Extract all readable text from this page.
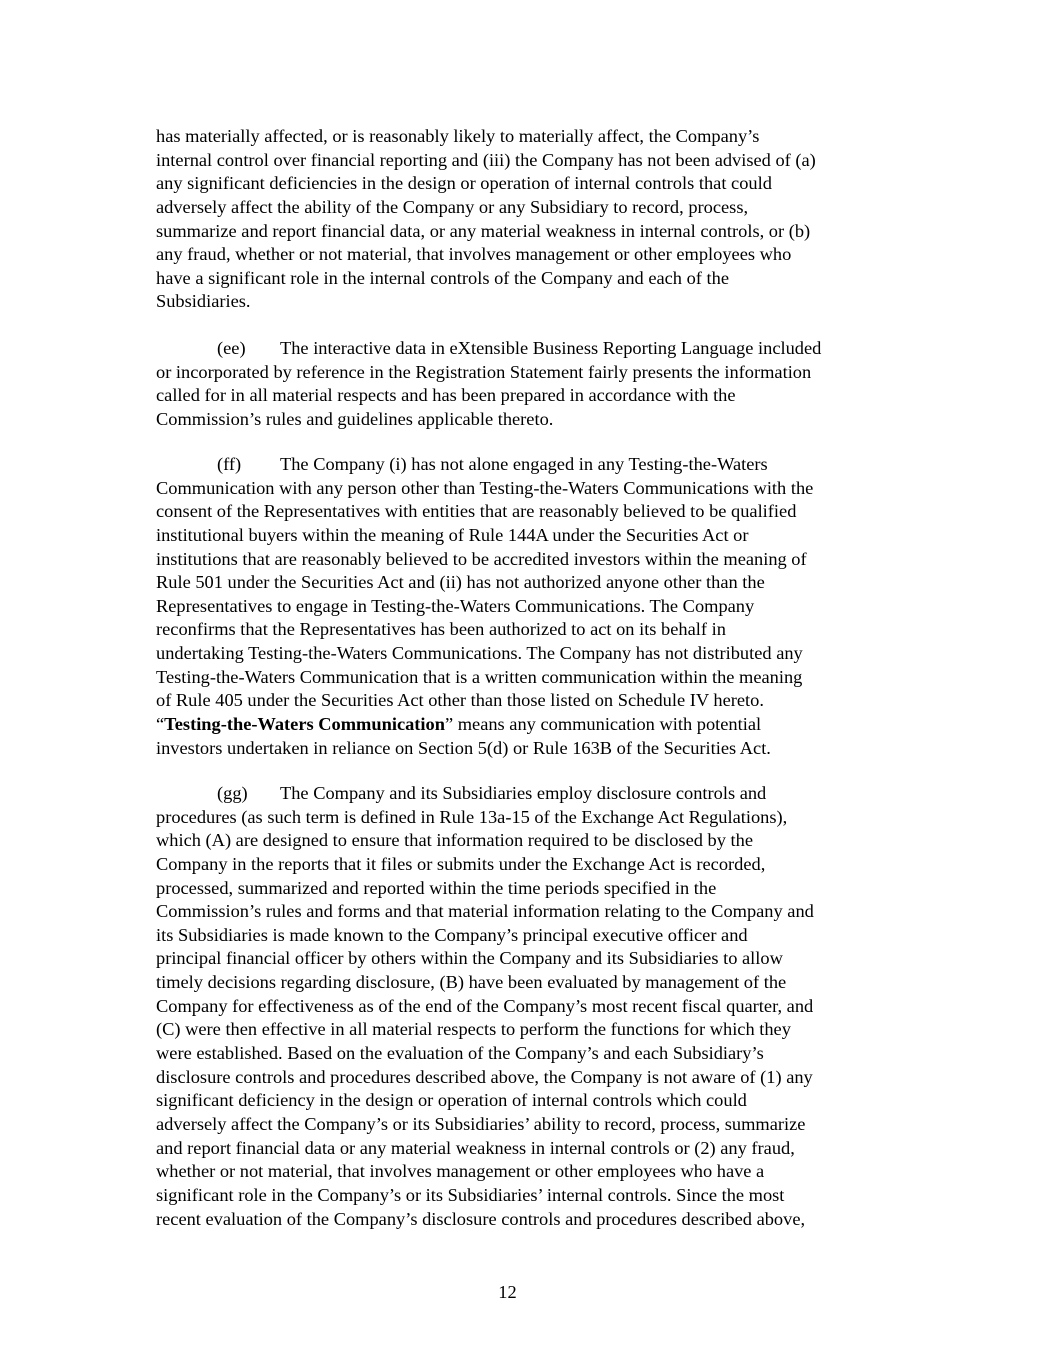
has materially affected, or is reasonably likely to materially affect, the Company’s
internal control over financial reporting and (iii) the Company has not been advised of (a)
any significant deficiencies in the design or operation of internal controls that could
adversely affect the ability of the Company or any Subsidiary to record, process,
summarize and report financial data, or any material weakness in internal controls, or (b)
any fraud, whether or not material, that involves management or other employees who
have a significant role in the internal controls of the Company and each of the
Subsidiaries.
(ee) The interactive data in eXtensible Business Reporting Language included
or incorporated by reference in the Registration Statement fairly presents the information
called for in all material respects and has been prepared in accordance with the
Commission’s rules and guidelines applicable thereto.
(ff) The Company (i) has not alone engaged in any Testing-the-Waters
Communication with any person other than Testing-the-Waters Communications with the
consent of the Representatives with entities that are reasonably believed to be qualified
institutional buyers within the meaning of Rule 144A under the Securities Act or
institutions that are reasonably believed to be accredited investors within the meaning of
Rule 501 under the Securities Act and (ii) has not authorized anyone other than the
Representatives to engage in Testing-the-Waters Communications. The Company
reconfirms that the Representatives has been authorized to act on its behalf in
undertaking Testing-the-Waters Communications. The Company has not distributed any
Testing-the-Waters Communication that is a written communication within the meaning
of Rule 405 under the Securities Act other than those listed on Schedule IV hereto.
“Testing-the-Waters Communication” means any communication with potential
investors undertaken in reliance on Section 5(d) or Rule 163B of the Securities Act.
(gg) The Company and its Subsidiaries employ disclosure controls and
procedures (as such term is defined in Rule 13a-15 of the Exchange Act Regulations),
which (A) are designed to ensure that information required to be disclosed by the
Company in the reports that it files or submits under the Exchange Act is recorded,
processed, summarized and reported within the time periods specified in the
Commission’s rules and forms and that material information relating to the Company and
its Subsidiaries is made known to the Company’s principal executive officer and
principal financial officer by others within the Company and its Subsidiaries to allow
timely decisions regarding disclosure, (B) have been evaluated by management of the
Company for effectiveness as of the end of the Company’s most recent fiscal quarter, and
(C) were then effective in all material respects to perform the functions for which they
were established. Based on the evaluation of the Company’s and each Subsidiary’s
disclosure controls and procedures described above, the Company is not aware of (1) any
significant deficiency in the design or operation of internal controls which could
adversely affect the Company’s or its Subsidiaries’ ability to record, process, summarize
and report financial data or any material weakness in internal controls or (2) any fraud,
whether or not material, that involves management or other employees who have a
significant role in the Company’s or its Subsidiaries’ internal controls. Since the most
recent evaluation of the Company’s disclosure controls and procedures described above,
12
